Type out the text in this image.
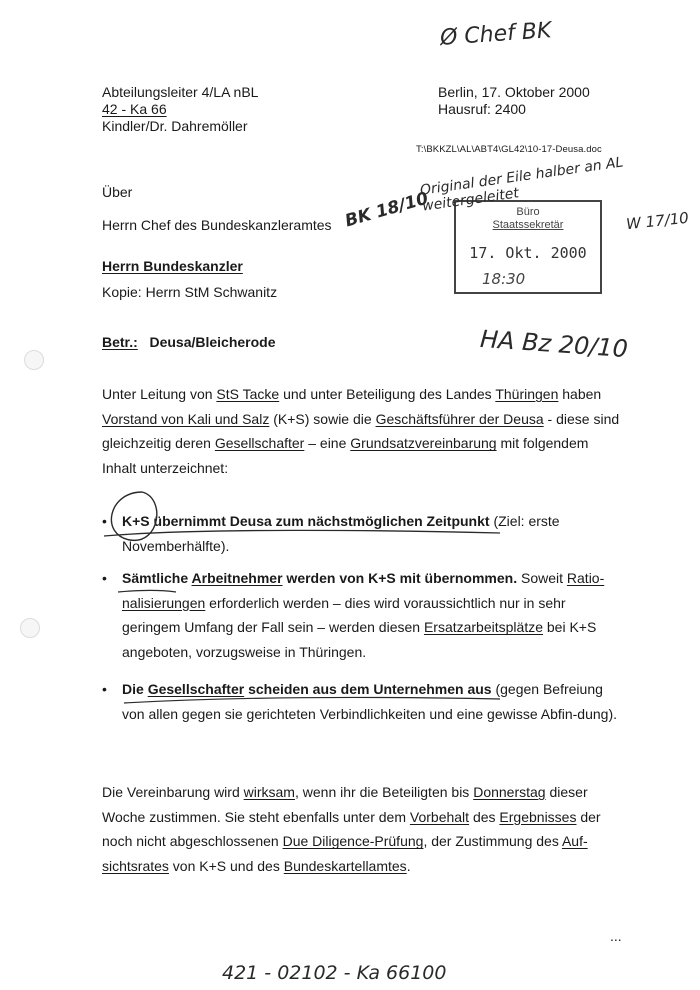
Abteilungsleiter 4/LA nBL
42 - Ka 66
Kindler/Dr. Dahremöller
Berlin, 17. Oktober 2000
Hausruf: 2400
T:\BKKZL\AL\ABT4\GL42\10-17-Deusa.doc
Über
Herrn Chef des Bundeskanzleramtes
Herrn Bundeskanzler
Kopie: Herrn StM Schwanitz
Betr.: Deusa/Bleicherode
Unter Leitung von StS Tacke und unter Beteiligung des Landes Thüringen haben Vorstand von Kali und Salz (K+S) sowie die Geschäftsführer der Deusa - diese sind gleichzeitig deren Gesellschafter – eine Grundsatzvereinbarung mit folgendem Inhalt unterzeichnet:
• K+S übernimmt Deusa zum nächstmöglichen Zeitpunkt (Ziel: erste Novemberhälfte).
• Sämtliche Arbeitnehmer werden von K+S mit übernommen. Soweit Ratio-nalisierungen erforderlich werden – dies wird voraussichtlich nur in sehr geringem Umfang der Fall sein – werden diesen Ersatzarbeitsplätze bei K+S angeboten, vorzugsweise in Thüringen.
• Die Gesellschafter scheiden aus dem Unternehmen aus (gegen Befreiung von allen gegen sie gerichteten Verbindlichkeiten und eine gewisse Abfin-dung).
Die Vereinbarung wird wirksam, wenn ihr die Beteiligten bis Donnerstag dieser Woche zustimmen. Sie steht ebenfalls unter dem Vorbehalt des Ergebnisses der noch nicht abgeschlossenen Due Diligence-Prüfung, der Zustimmung des Auf-sichtsrates von K+S und des Bundeskartellamtes.
...
Büro
Staatssekretär
17. Okt. 2000
18:30
Ø Chef BK
Original der Eile halber an AL weitergeleitet
W 17/10
BK 18/10
HA Bz 20/10
421 - 02102 - Ka 66100
